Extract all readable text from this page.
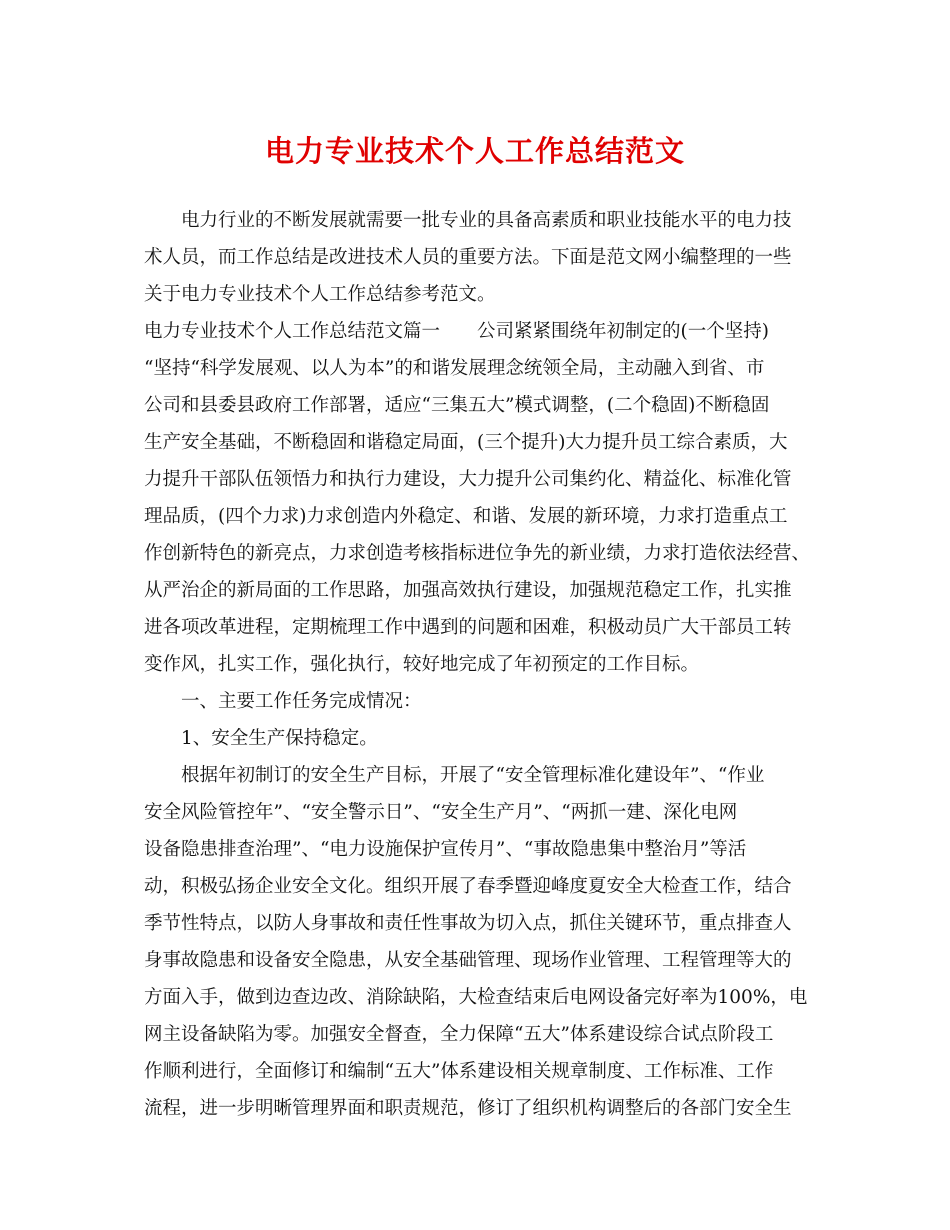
电力专业技术个人工作总结范文
电力行业的不断发展就需要一批专业的具备高素质和职业技能水平的电力技
术人员，而工作总结是改进技术人员的重要方法。下面是范文网小编整理的一些
关于电力专业技术个人工作总结参考范文。
电力专业技术个人工作总结范文篇一　　公司紧紧围绕年初制定的(一个坚持)
“坚持“科学发展观、以人为本”的和谐发展理念统领全局，主动融入到省、市
公司和县委县政府工作部署，适应“三集五大”模式调整，(二个稳固)不断稳固
生产安全基础，不断稳固和谐稳定局面，(三个提升)大力提升员工综合素质，大
力提升干部队伍领悟力和执行力建设，大力提升公司集约化、精益化、标准化管
理品质，(四个力求)力求创造内外稳定、和谐、发展的新环境，力求打造重点工
作创新特色的新亮点，力求创造考核指标进位争先的新业绩，力求打造依法经营、
从严治企的新局面的工作思路，加强高效执行建设，加强规范稳定工作，扎实推
进各项改革进程，定期梳理工作中遇到的问题和困难，积极动员广大干部员工转
变作风，扎实工作，强化执行，较好地完成了年初预定的工作目标。
一、主要工作任务完成情况：
1、安全生产保持稳定。
根据年初制订的安全生产目标，开展了“安全管理标准化建设年”、“作业
安全风险管控年”、“安全警示日”、“安全生产月”、“两抓一建、深化电网
设备隐患排查治理”、“电力设施保护宣传月”、“事故隐患集中整治月”等活
动，积极弘扬企业安全文化。组织开展了春季暨迎峰度夏安全大检查工作，结合
季节性特点，以防人身事故和责任性事故为切入点，抓住关键环节，重点排查人
身事故隐患和设备安全隐患，从安全基础管理、现场作业管理、工程管理等大的
方面入手，做到边查边改、消除缺陷，大检查结束后电网设备完好率为100%，电
网主设备缺陷为零。加强安全督查，全力保障“五大”体系建设综合试点阶段工
作顺利进行，全面修订和编制“五大”体系建设相关规章制度、工作标准、工作
流程，进一步明晰管理界面和职责规范，修订了组织机构调整后的各部门安全生
